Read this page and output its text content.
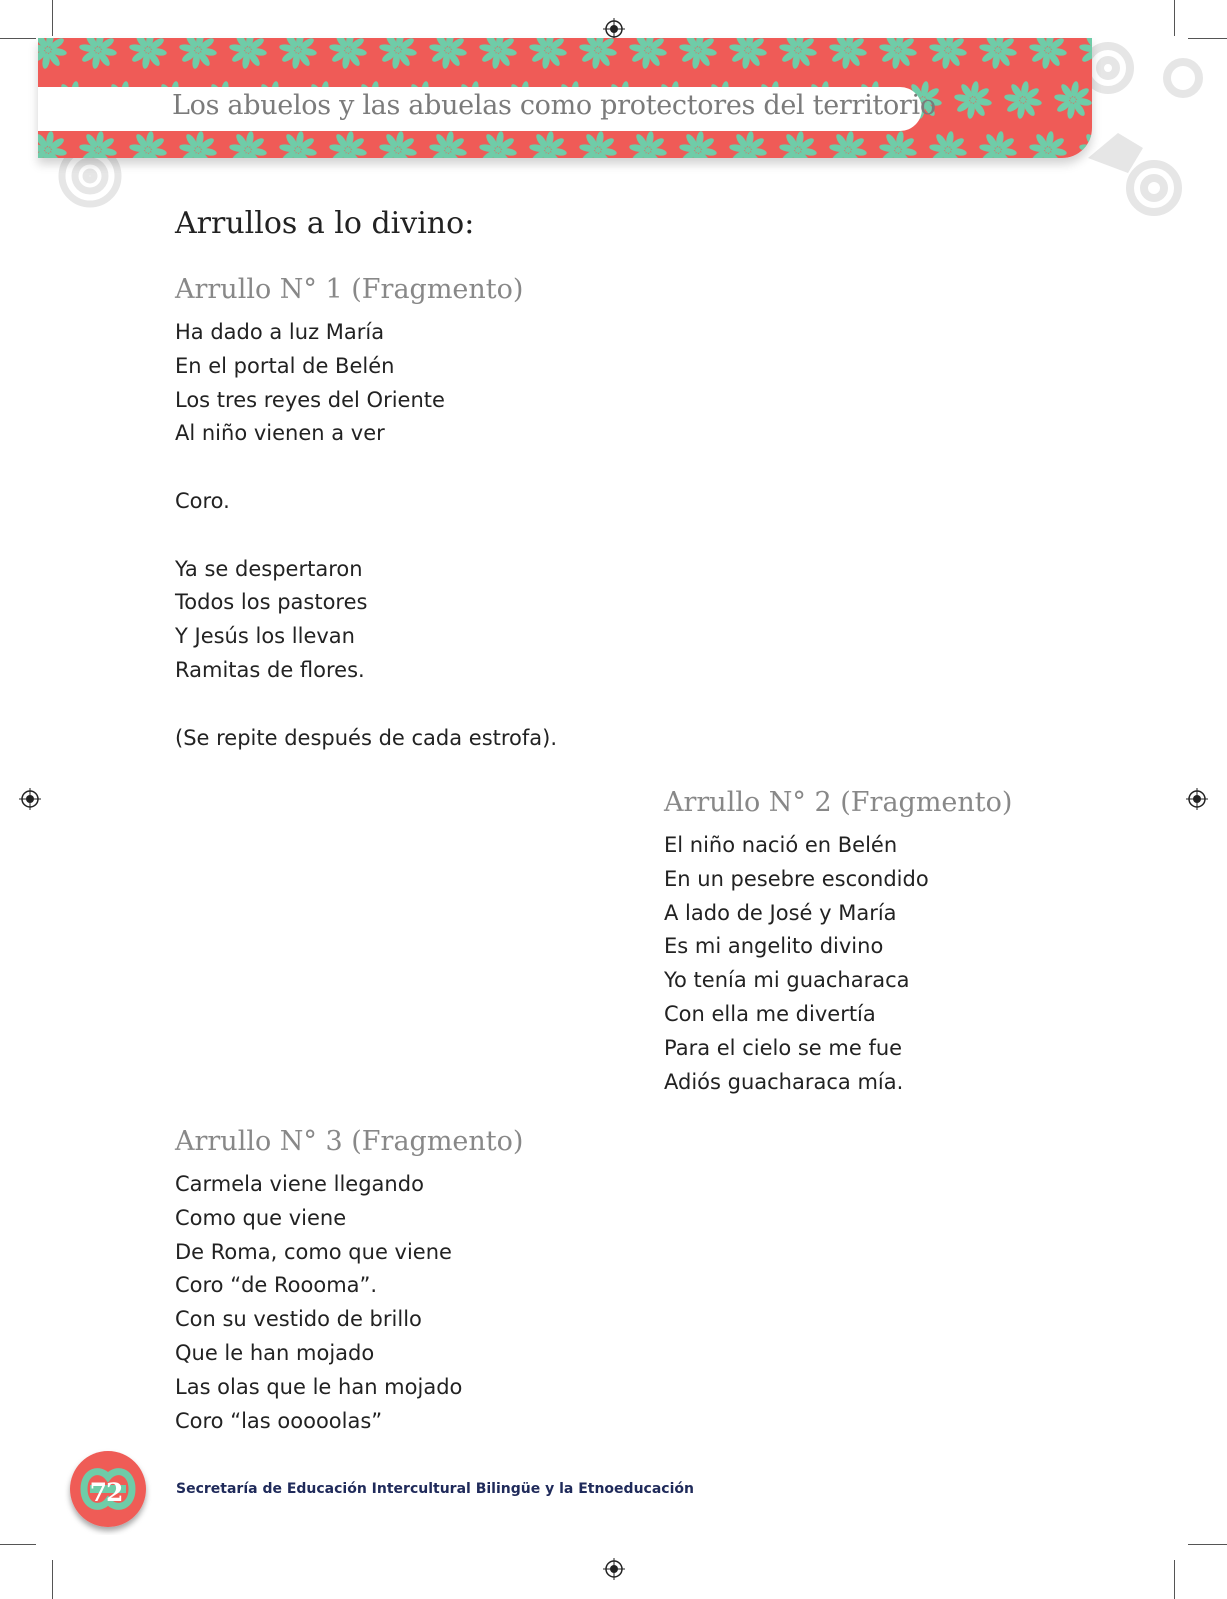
Los abuelos y las abuelas como protectores del territorio
Arrullos a lo divino:
Arrullo N° 1 (Fragmento)
Ha dado a luz María
En el portal de Belén
Los tres reyes del Oriente
Al niño vienen a ver
Coro.
Ya se despertaron
Todos los pastores
Y Jesús los llevan
Ramitas de flores.
(Se repite después de cada estrofa).
Arrullo N° 2 (Fragmento)
El niño nació en Belén
En un pesebre escondido
A lado de José y María
Es mi angelito divino
Yo tenía mi guacharaca
Con ella me divertía
Para el cielo se me fue
Adiós guacharaca mía.
Arrullo N° 3 (Fragmento)
Carmela viene llegando
Como que viene
De Roma, como que viene
Coro “de Roooma”.
Con su vestido de brillo
Que le han mojado
Las olas que le han mojado
Coro “las ooooolas”
72	Secretaría de Educación Intercultural Bilingüe y la Etnoeducación
